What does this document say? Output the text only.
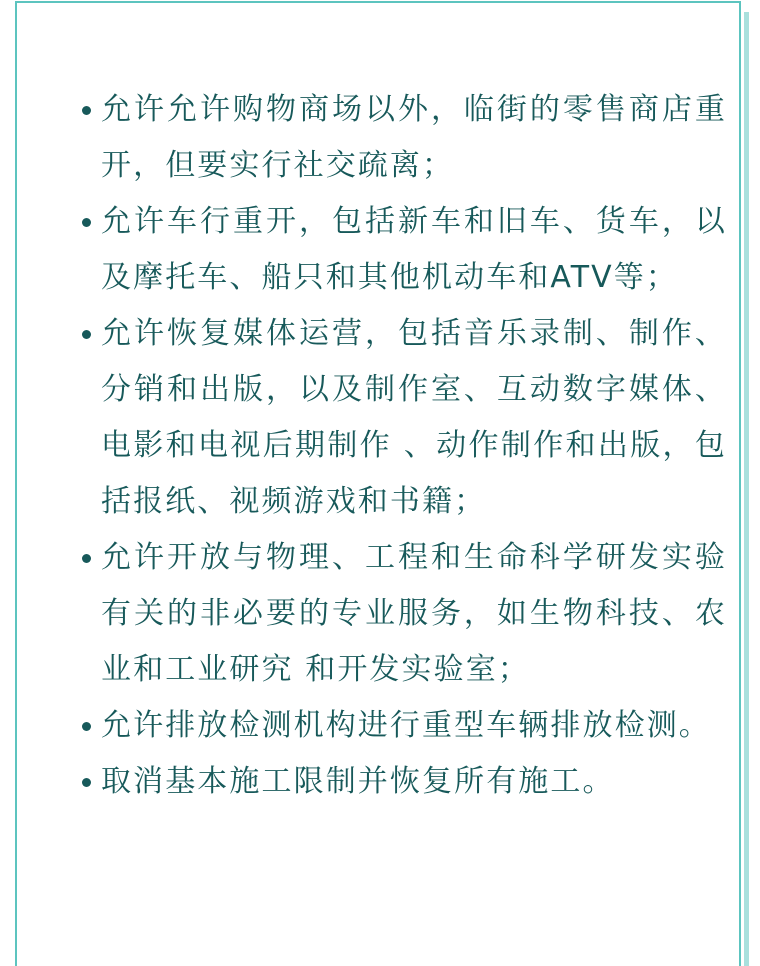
允许允许购物商场以外，临街的零售商店重开，但要实行社交疏离；
允许车行重开，包括新车和旧车、货车，以及摩托车、船只和其他机动车和ATV等；
允许恢复媒体运营，包括音乐录制、制作、分销和出版，以及制作室、互动数字媒体、电影和电视后期制作 、动作制作和出版，包括报纸、视频游戏和书籍；
允许开放与物理、工程和生命科学研发实验有关的非必要的专业服务，如生物科技、农业和工业研究 和开发实验室；
允许排放检测机构进行重型车辆排放检测。
取消基本施工限制并恢复所有施工。
